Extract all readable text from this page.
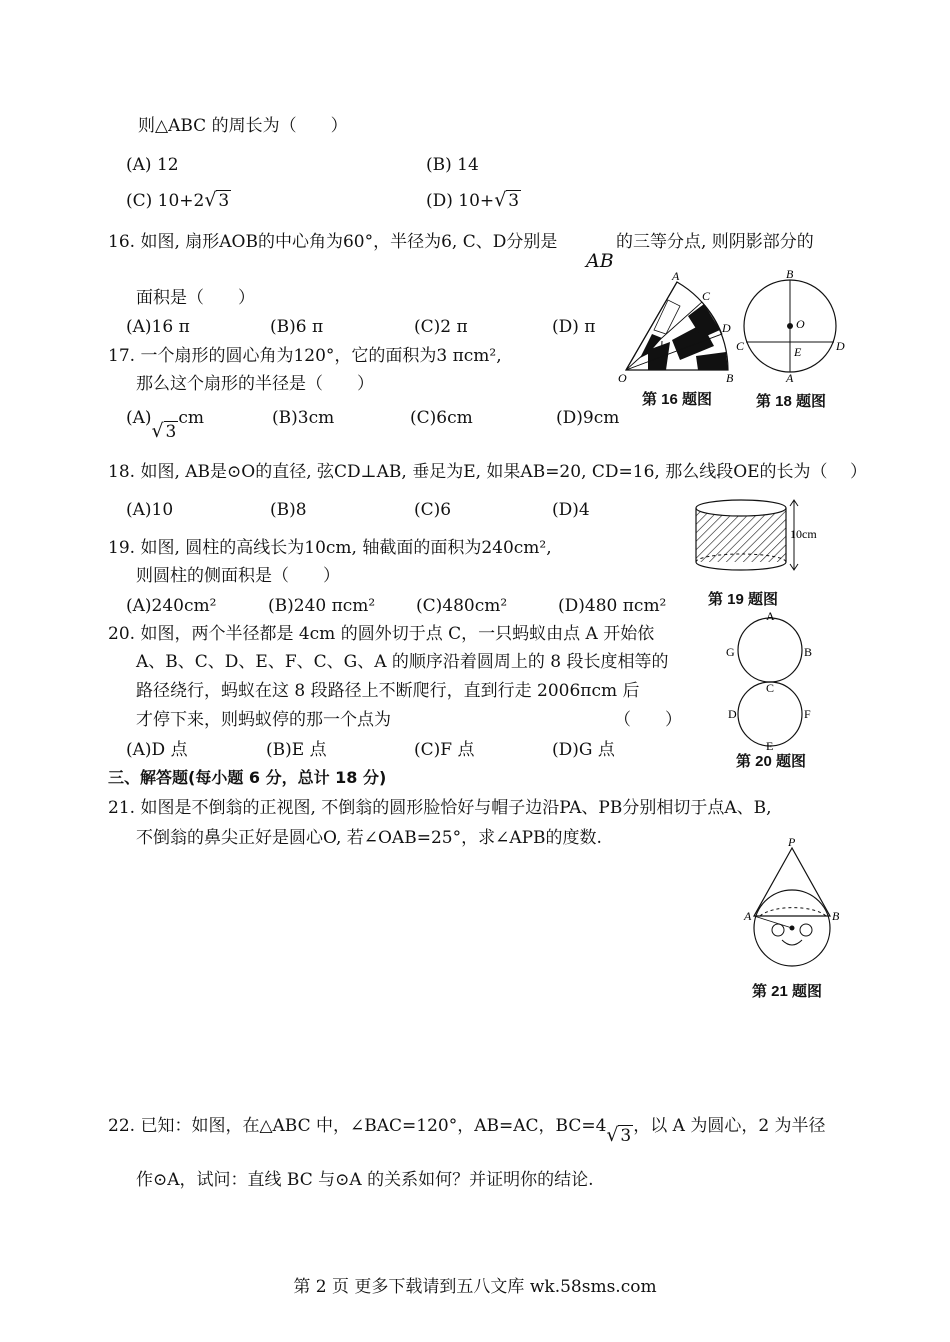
则△ABC 的周长为（　　）
(A) 12	(B) 14
(C) 10+2 √ 3	(D) 10+ √ 3
16. 如图, 扇形AOB的中心角为60°，半径为6, C、D分别是
AB
的三等分点, 则阴影部分的
面积是（　　）
(A)16 π	(B)6 π	(C)2 π	(D) π
17. 一个扇形的圆心角为120°，它的面积为3 πcm²,
那么这个扇形的半径是（　　）
(A)√ 3cm	(B)3cm	(C)6cm	(D)9cm
A
C
D
O	B
第 16 题图
B
O
C	D
E
A
第 18 题图
18. 如图, AB是⊙O的直径, 弦CD⊥AB, 垂足为E, 如果AB=20, CD=16, 那么线段OE的长为（　 ）
(A)10	(B)8	(C)6	(D)4
10cm
第 19 题图
19. 如图, 圆柱的高线长为10cm, 轴截面的面积为240cm²,
则圆柱的侧面积是（　　）
(A)240cm²	(B)240 πcm² (C)480cm²	(D)480 πcm²
20. 如图，两个半径都是 4cm 的圆外切于点 C，一只蚂蚁由点 A 开始依
A、B、C、D、E、F、C、G、A 的顺序沿着圆周上的 8 段长度相等的
路径绕行，蚂蚁在这 8 段路径上不断爬行，直到行走 2006πcm 后
才停下来，则蚂蚁停的那一个点为	（　　）
(A)D 点	(B)E 点	(C)F 点	(D)G 点
A
G	B
C
D	F
E
第 20 题图
三、解答题(每小题 6 分，总计 18 分)
21. 如图是不倒翁的正视图, 不倒翁的圆形脸恰好与帽子边沿PA、PB分别相切于点A、B,
不倒翁的鼻尖正好是圆心O, 若∠OAB=25°，求∠APB的度数.	P
A	B
第 21 题图
22. 已知：如图，在△ABC 中，∠BAC=120°，AB=AC，BC=4 √ 3 ，以 A 为圆心，2 为半径
作⊙A，试问：直线 BC 与⊙A 的关系如何？并证明你的结论.
第 2 页 更多下载请到五八文库 wk.58sms.com
